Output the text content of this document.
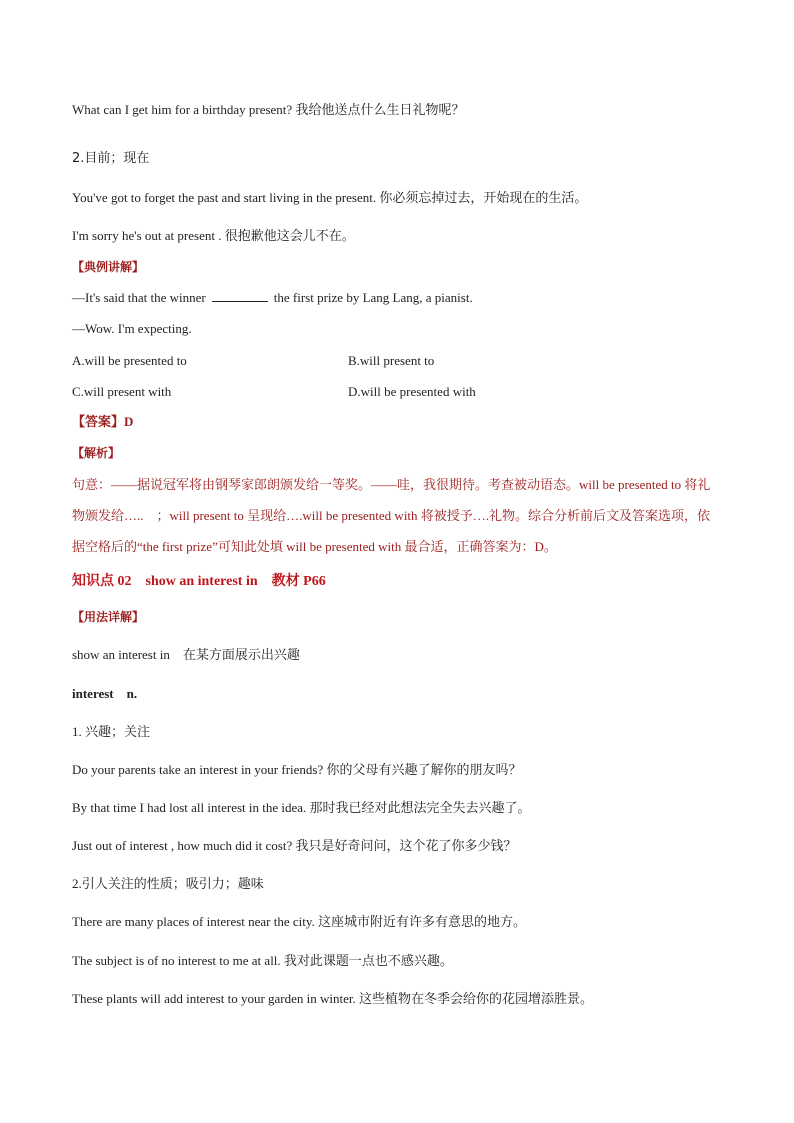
What can I get him for a birthday present? 我给他送点什么生日礼物呢？
2.目前；现在
You've got to forget the past and start living in the present. 你必须忘掉过去，开始现在的生活。
I'm sorry he's out at present . 很抱歉他这会儿不在。
【典例讲解】
—It's said that the winner	the first prize by Lang Lang, a pianist.
—Wow. I'm expecting.
A.will be presented to	B.will present to
C.will present with	D.will be presented with
【答案】D
【解析】
句意：——据说冠军将由钢琴家郎朗颁发给一等奖。——哇，我很期待。考查被动语态。will be presented to 将礼物颁发给…..　；will present to 呈现给….will be presented with 将被授予….礼物。综合分析前后文及答案选项，依据空格后的“the first prize”可知此处填 will be presented with 最合适，正确答案为：D。
知识点 02 show an interest in 教材 P66
【用法详解】
show an interest in　在某方面展示出兴趣
interest　n.
1. 兴趣；关注
Do your parents take an interest in your friends? 你的父母有兴趣了解你的朋友吗？
By that time I had lost all interest in the idea. 那时我已经对此想法完全失去兴趣了。
Just out of interest , how much did it cost? 我只是好奇问问，这个花了你多少钱？
2.引人关注的性质；吸引力；趣味
There are many places of interest near the city. 这座城市附近有许多有意思的地方。
The subject is of no interest to me at all. 我对此课题一点也不感兴趣。
These plants will add interest to your garden in winter. 这些植物在冬季会给你的花园增添胜景。
